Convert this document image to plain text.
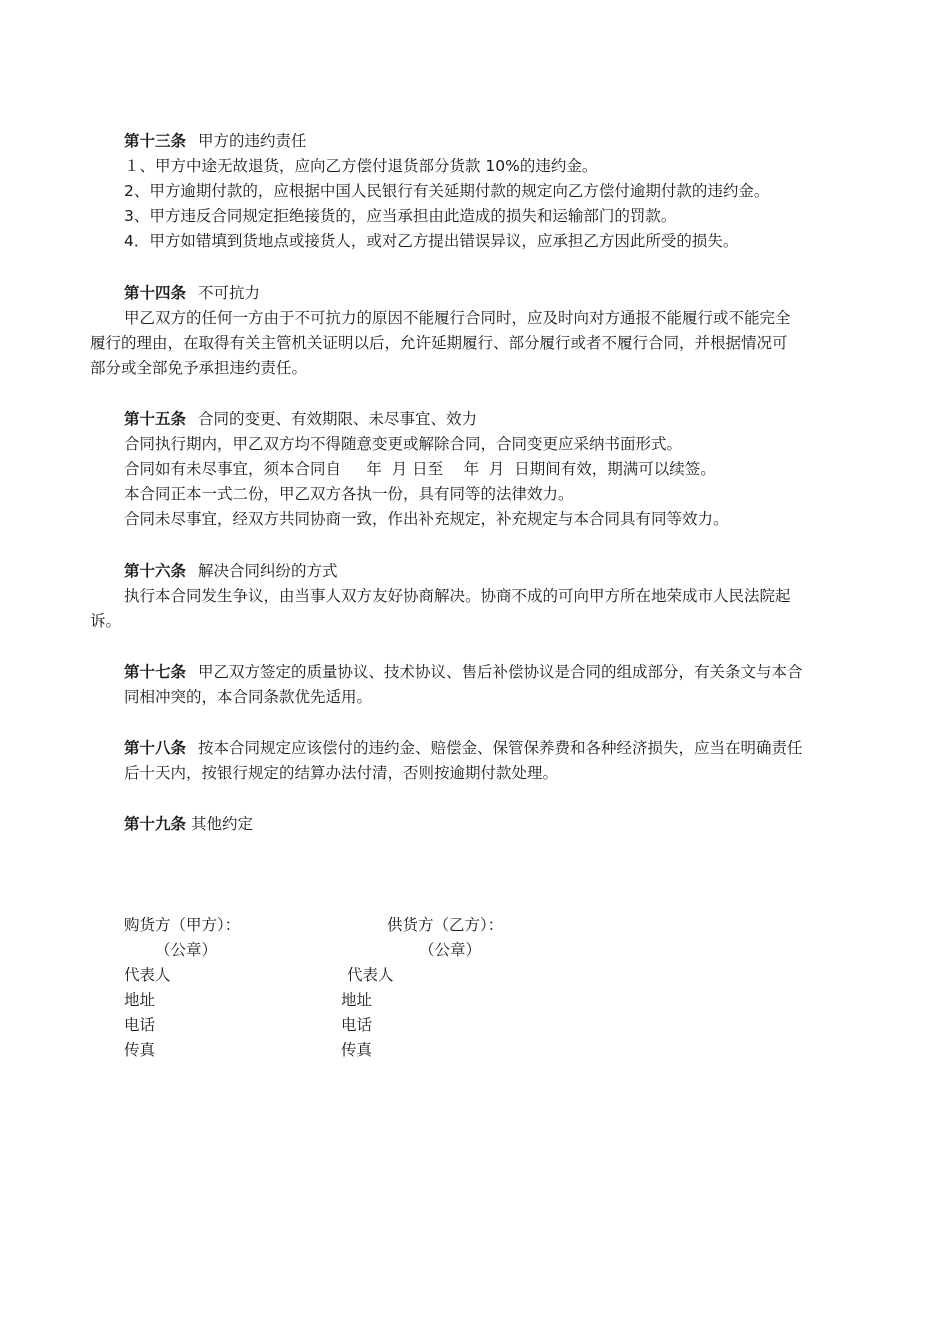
第十三条 甲方的违约责任
１、甲方中途无故退货，应向乙方偿付退货部分货款 10%的违约金。
2、甲方逾期付款的，应根据中国人民银行有关延期付款的规定向乙方偿付逾期付款的违约金。
3、甲方违反合同规定拒绝接货的，应当承担由此造成的损失和运输部门的罚款。
4．甲方如错填到货地点或接货人，或对乙方提出错误异议，应承担乙方因此所受的损失。
第十四条 不可抗力
甲乙双方的任何一方由于不可抗力的原因不能履行合同时，应及时向对方通报不能履行或不能完全
履行的理由，在取得有关主管机关证明以后，允许延期履行、部分履行或者不履行合同，并根据情况可
部分或全部免予承担违约责任。
第十五条 合同的变更、有效期限、未尽事宜、效力
合同执行期内，甲乙双方均不得随意变更或解除合同，合同变更应采纳书面形式。
合同如有未尽事宜，须本合同自　  年  月 日至　 年  月  日期间有效，期满可以续签。
本合同正本一式二份，甲乙双方各执一份，具有同等的法律效力。
合同未尽事宜，经双方共同协商一致，作出补充规定，补充规定与本合同具有同等效力。
第十六条 解决合同纠纷的方式
执行本合同发生争议，由当事人双方友好协商解决。协商不成的可向甲方所在地荣成市人民法院起
诉。
第十七条 甲乙双方签定的质量协议、技术协议、售后补偿协议是合同的组成部分，有关条文与本合
同相冲突的，本合同条款优先适用。
第十八条 按本合同规定应该偿付的违约金、赔偿金、保管保养费和各种经济损失，应当在明确责任
后十天内，按银行规定的结算办法付清，否则按逾期付款处理。
第十九条 其他约定
购货方（甲方）：
（公章）
代表人
地址
电话
传真
供货方（乙方）：
（公章）
代表人
地址
电话
传真
